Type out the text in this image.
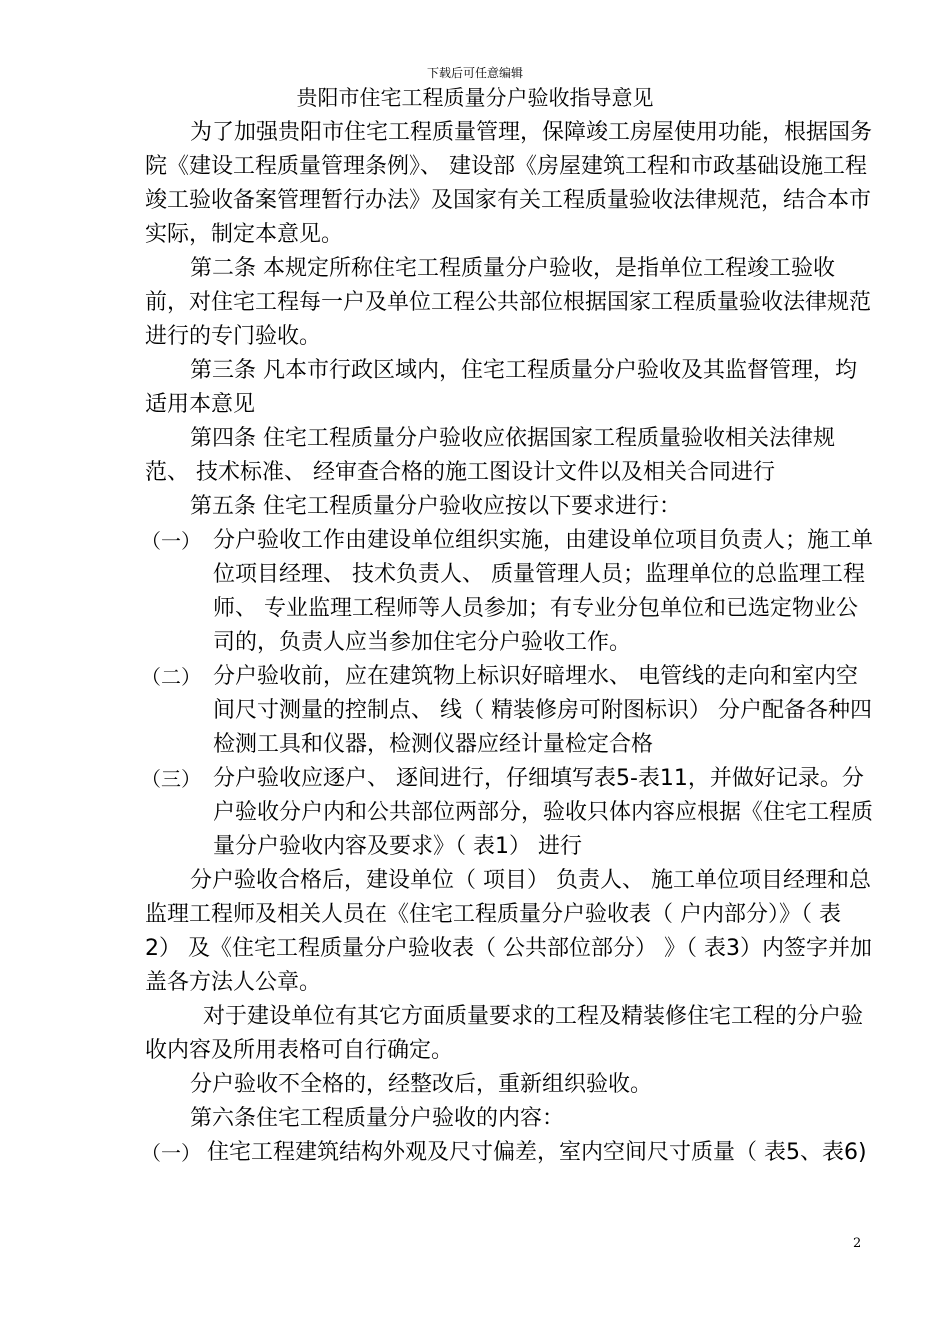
下载后可任意编辑
贵阳市住宅工程质量分户验收指导意见

为了加强贵阳市住宅工程质量管理，保障竣工房屋使用功能，根据国务院《建设工程质量管理条例》、 建设部《房屋建筑工程和市政基础设施工程竣工验收备案管理暂行办法》及国家有关工程质量验收法律规范，结合本市实际，制定本意见。

第二条 本规定所称住宅工程质量分户验收，是指单位工程竣工验收前，对住宅工程每一户及单位工程公共部位根据国家工程质量验收法律规范进行的专门验收。

第三条 凡本市行政区域内，住宅工程质量分户验收及其监督管理，均适用本意见

第四条 住宅工程质量分户验收应依据国家工程质量验收相关法律规范、 技术标准、 经审查合格的施工图设计文件以及相关合同进行

第五条 住宅工程质量分户验收应按以下要求进行：

（一） 分户验收工作由建设单位组织实施，由建设单位项目负责人；施工单位项目经理、 技术负责人、 质量管理人员；监理单位的总监理工程师、 专业监理工程师等人员参加；有专业分包单位和已选定物业公司的，负责人应当参加住宅分户验收工作。
（二） 分户验收前，应在建筑物上标识好暗埋水、 电管线的走向和室内空间尺寸测量的控制点、 线（ 精装修房可附图标识） 分户配备各种四检测工具和仪器，检测仪器应经计量检定合格
（三） 分户验收应逐户、 逐间进行，仔细填写表5-表11，并做好记录。分户验收分户内和公共部位两部分，验收只体内容应根据《住宅工程质量分户验收内容及要求》（ 表1） 进行

分户验收合格后，建设单位（ 项目） 负责人、 施工单位项目经理和总监理工程师及相关人员在《住宅工程质量分户验收表（ 户内部分）》（ 表2） 及《住宅工程质量分户验收表（ 公共部位部分） 》（ 表3）内签字并加盖各方法人公章。

对于建设单位有其它方面质量要求的工程及精装修住宅工程的分户验收内容及所用表格可自行确定。

分户验收不全格的，经整改后，重新组织验收。

第六条住宅工程质量分户验收的内容：

（一） 住宅工程建筑结构外观及尺寸偏差，室内空间尺寸质量（ 表5、表6)
2
